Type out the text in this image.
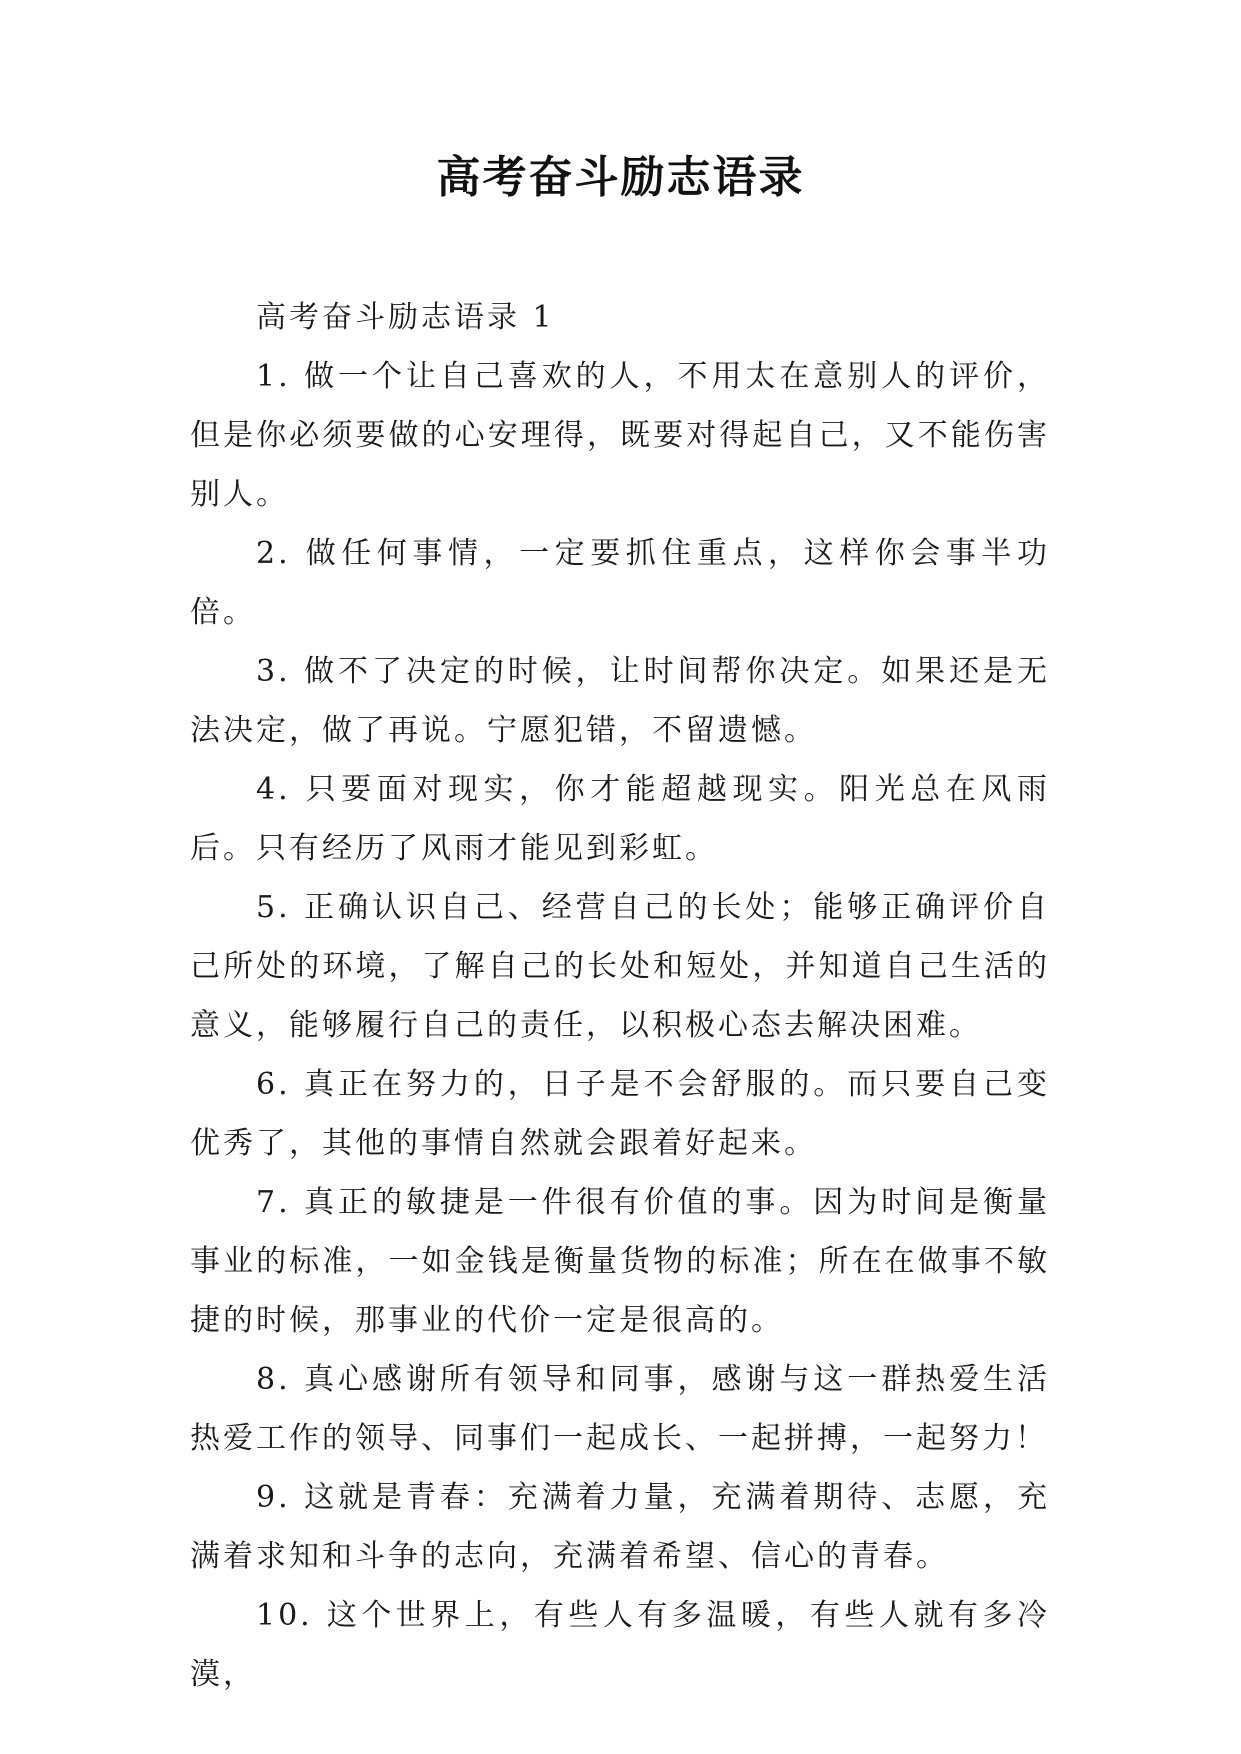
高考奋斗励志语录

高考奋斗励志语录 1

1. 做一个让自己喜欢的人，不用太在意别人的评价，但是你必须要做的心安理得，既要对得起自己，又不能伤害别人。

2. 做任何事情，一定要抓住重点，这样你会事半功倍。

3. 做不了决定的时候，让时间帮你决定。如果还是无法决定，做了再说。宁愿犯错，不留遗憾。

4. 只要面对现实，你才能超越现实。阳光总在风雨后。只有经历了风雨才能见到彩虹。

5. 正确认识自己、经营自己的长处；能够正确评价自己所处的环境，了解自己的长处和短处，并知道自己生活的意义，能够履行自己的责任，以积极心态去解决困难。

6. 真正在努力的，日子是不会舒服的。而只要自己变优秀了，其他的事情自然就会跟着好起来。

7. 真正的敏捷是一件很有价值的事。因为时间是衡量事业的标准，一如金钱是衡量货物的标准；所在在做事不敏捷的时候，那事业的代价一定是很高的。

8. 真心感谢所有领导和同事，感谢与这一群热爱生活热爱工作的领导、同事们一起成长、一起拼搏，一起努力！

9. 这就是青春：充满着力量，充满着期待、志愿，充满着求知和斗争的志向，充满着希望、信心的青春。

10. 这个世界上，有些人有多温暖，有些人就有多冷漠，
